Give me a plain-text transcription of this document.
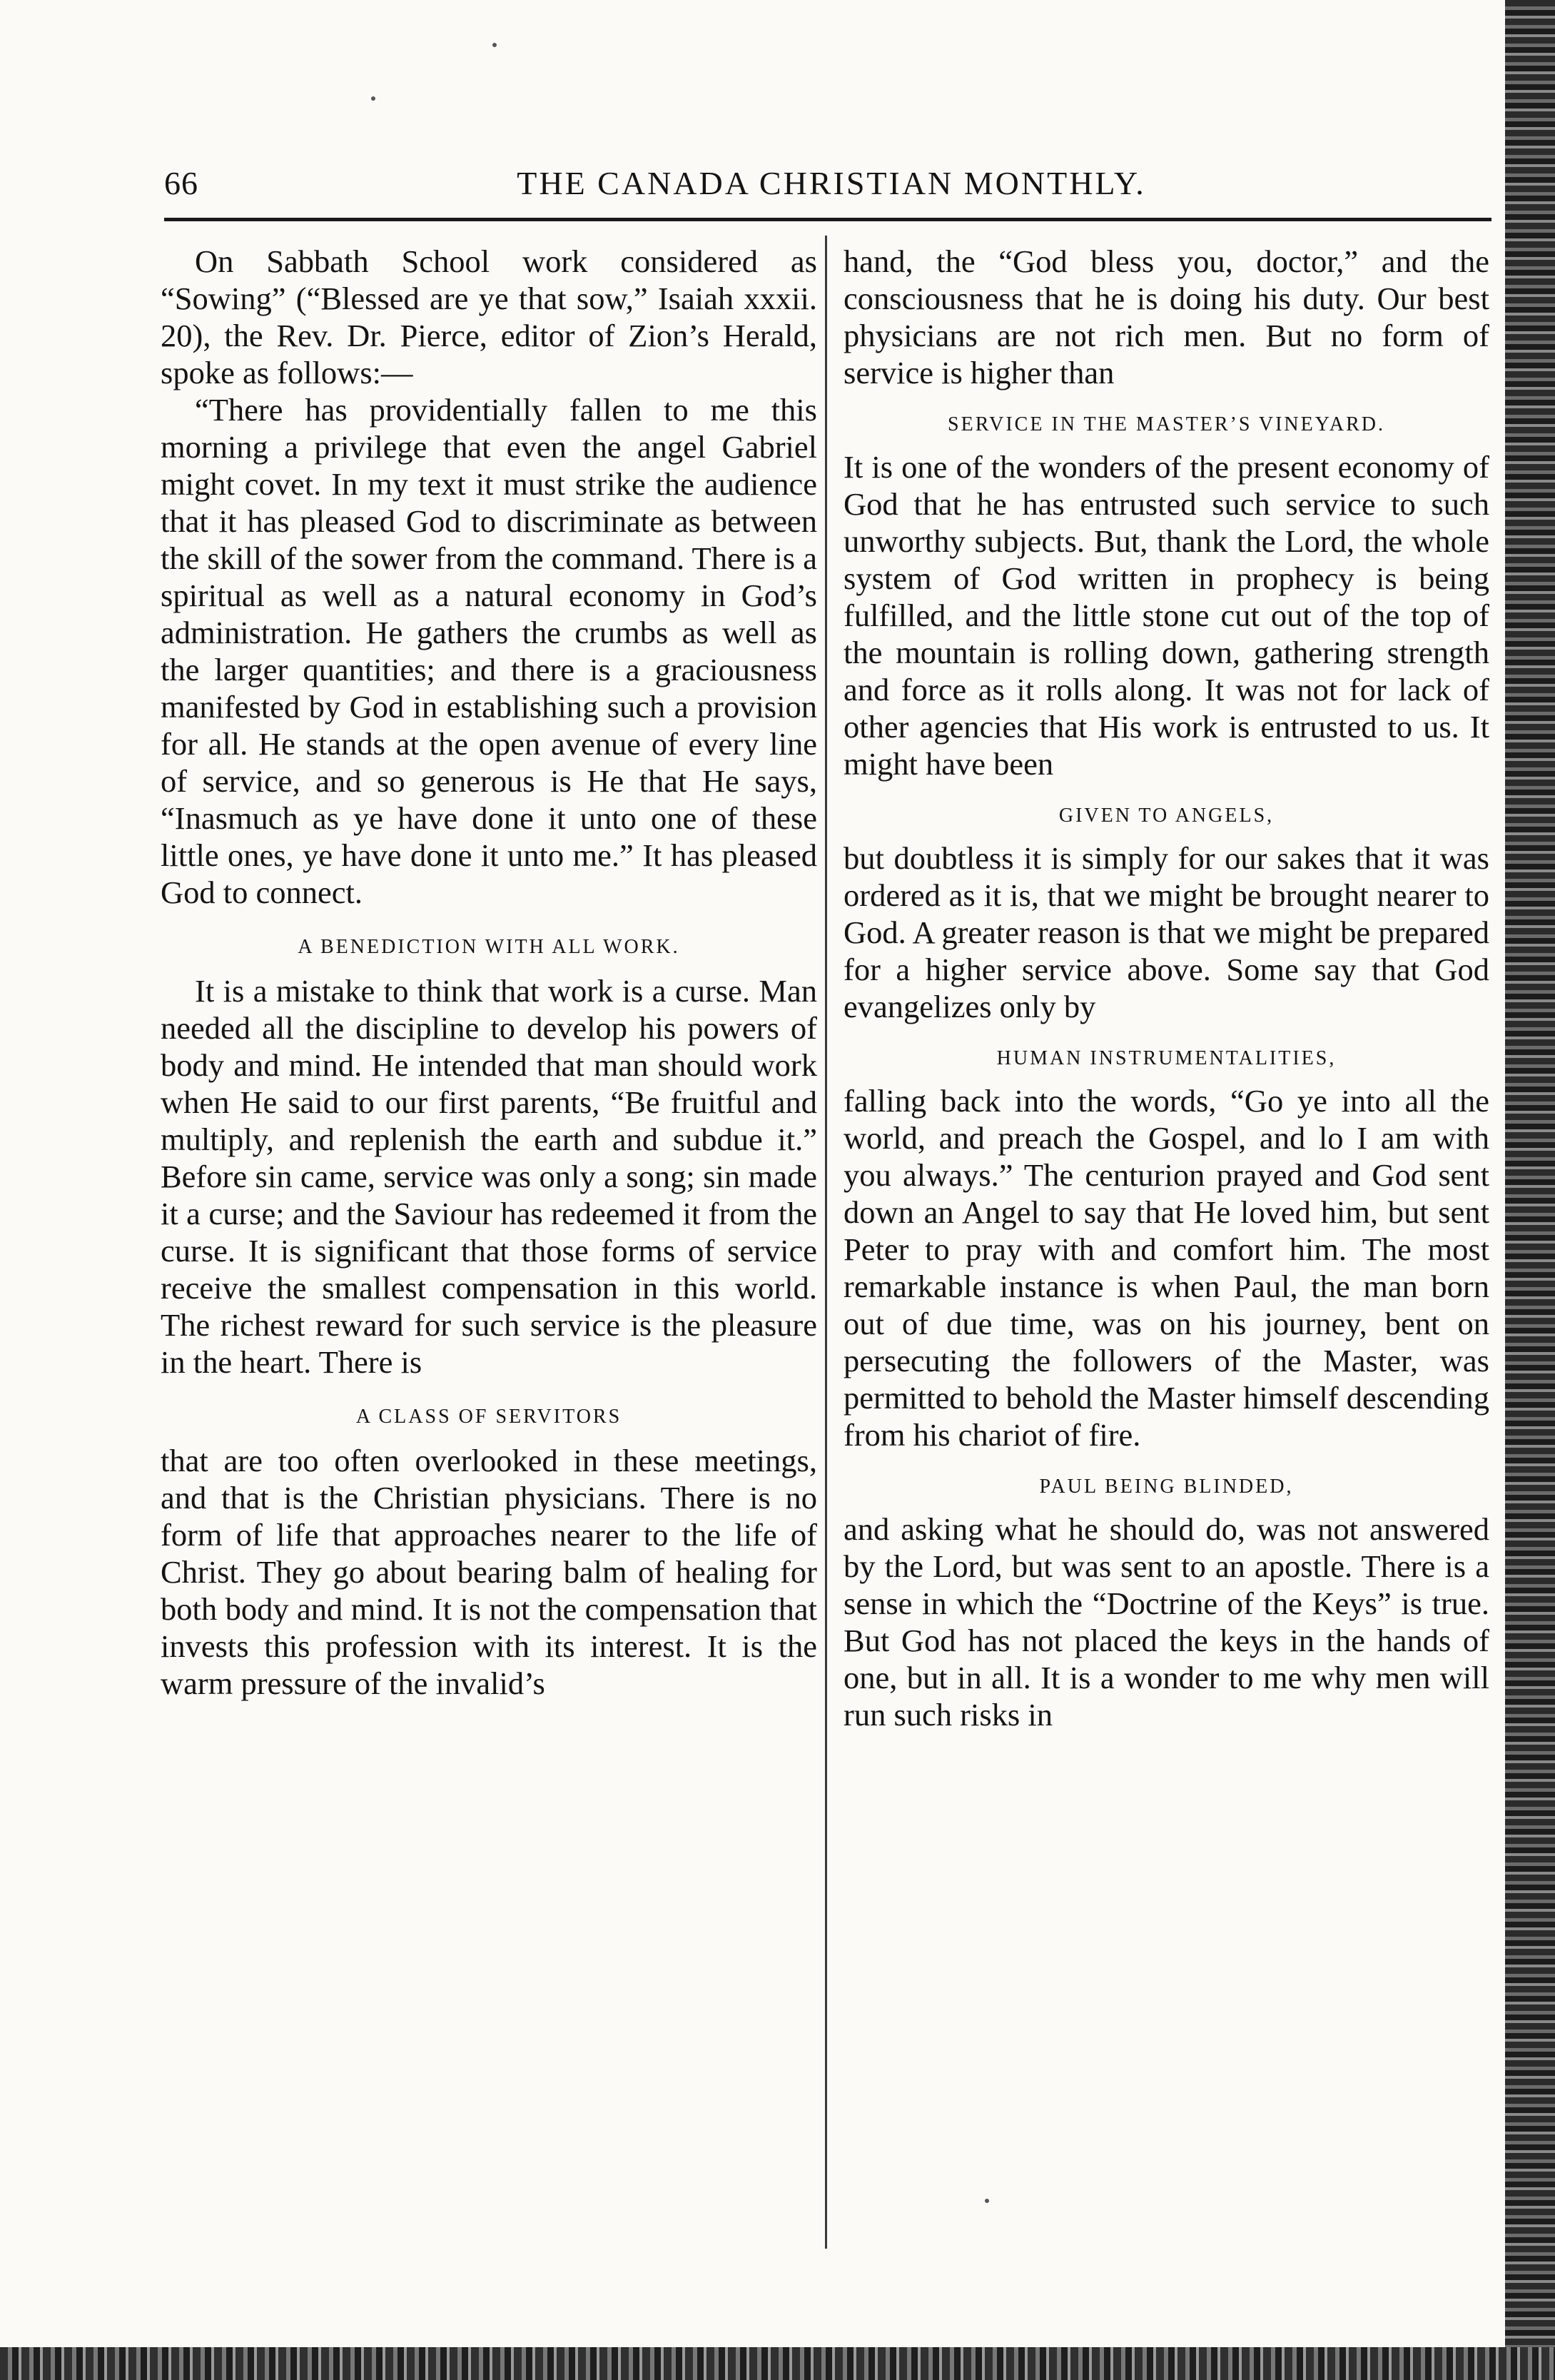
66	THE CANADA CHRISTIAN MONTHLY.

On Sabbath School work considered as “Sowing” (“Blessed are ye that sow,” Isaiah xxxii. 20), the Rev. Dr. Pierce, editor of Zion’s Herald, spoke as follows:—

“There has providentially fallen to me this morning a privilege that even the angel Gabriel might covet. In my text it must strike the audience that it has pleased God to discriminate as between the skill of the sower from the command. There is a spiritual as well as a natural economy in God’s administration. He gathers the crumbs as well as the larger quantities; and there is a graciousness manifested by God in establishing such a provision for all. He stands at the open avenue of every line of service, and so generous is He that He says, “Inasmuch as ye have done it unto one of these little ones, ye have done it unto me.” It has pleased God to connect.

A BENEDICTION WITH ALL WORK.

It is a mistake to think that work is a curse. Man needed all the discipline to develop his powers of body and mind. He intended that man should work when He said to our first parents, “Be fruitful and multiply, and replenish the earth and subdue it.” Before sin came, service was only a song; sin made it a curse; and the Saviour has redeemed it from the curse. It is significant that those forms of service receive the smallest compensation in this world. The richest reward for such service is the pleasure in the heart. There is

A CLASS OF SERVITORS

that are too often overlooked in these meetings, and that is the Christian physicians. There is no form of life that approaches nearer to the life of Christ. They go about bearing balm of healing for both body and mind. It is not the compensation that invests this profession with its interest. It is the warm pressure of the invalid’s

hand, the “God bless you, doctor,” and the consciousness that he is doing his duty. Our best physicians are not rich men. But no form of service is higher than

SERVICE IN THE MASTER’S VINEYARD.

It is one of the wonders of the present economy of God that he has entrusted such service to such unworthy subjects. But, thank the Lord, the whole system of God written in prophecy is being fulfilled, and the little stone cut out of the top of the mountain is rolling down, gathering strength and force as it rolls along. It was not for lack of other agencies that His work is entrusted to us. It might have been

GIVEN TO ANGELS,

but doubtless it is simply for our sakes that it was ordered as it is, that we might be brought nearer to God. A greater reason is that we might be prepared for a higher service above. Some say that God evangelizes only by

HUMAN INSTRUMENTALITIES,

falling back into the words, “Go ye into all the world, and preach the Gospel, and lo I am with you always.” The centurion prayed and God sent down an Angel to say that He loved him, but sent Peter to pray with and comfort him. The most remarkable instance is when Paul, the man born out of due time, was on his journey, bent on persecuting the followers of the Master, was permitted to behold the Master himself descending from his chariot of fire.

PAUL BEING BLINDED,

and asking what he should do, was not answered by the Lord, but was sent to an apostle. There is a sense in which the “Doctrine of the Keys” is true. But God has not placed the keys in the hands of one, but in all. It is a wonder to me why men will run such risks in
